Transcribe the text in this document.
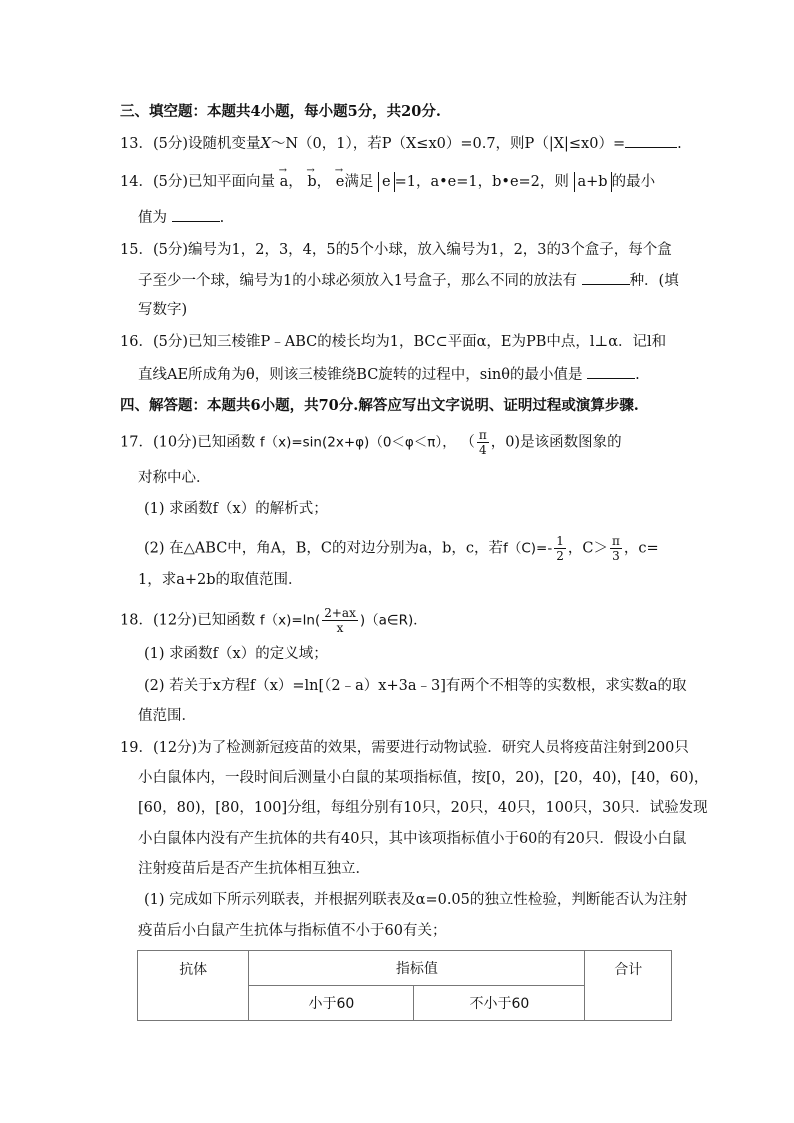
三、填空题：本题共4小题，每小题5分，共20分.
13．(5分)设随机变量X～N（0，1），若P（X≤x0）=0.7，则P（|X|≤x0）=	.
14．(5分)已知平面向量 → a， → b， → e满足 e =1，a•e=1，b•e=2，则 a+b 的最小
值为	.
15．(5分)编号为1，2，3，4，5的5个小球，放入编号为1，2，3的3个盒子，每个盒
子至少一个球，编号为1的小球必须放入1号盒子，那么不同的放法有	种．(填
写数字)
16．(5分)已知三棱锥P﹣ABC的棱长均为1，BC⊂平面α，E为PB中点，l⊥α．记l和
直线AE所成角为θ，则该三棱锥绕BC旋转的过程中，sinθ的最小值是	.
四、解答题：本题共6小题，共70分.解答应写出文字说明、证明过程或演算步骤.
17．(10分)已知函数 f（x)=sin(2x+φ)（0＜φ＜π）， （ $\frac{\pi}{4}$ ，0)是该函数图象的
对称中心．
(1) 求函数f（x）的解析式；
(2) 在△ABC中，角A，B，C的对边分别为a，b，c，若$f(C)=- \frac{1}{2}$ ，$C> \frac{\pi}{3}$ ，c=
1，求a+2b的取值范围．
18．(12分)已知函数 $f(x)=\ln( \frac{2+ax}{x}$ )（a∈R)．
(1) 求函数f（x）的定义域；
(2) 若关于x方程f（x）=ln[（2﹣a）x+3a﹣3]有两个不相等的实数根，求实数a的取
值范围．
19．(12分)为了检测新冠疫苗的效果，需要进行动物试验．研究人员将疫苗注射到200只
小白鼠体内，一段时间后测量小白鼠的某项指标值，按[0，20)，[20，40)，[40，60)，
[60，80)，[80，100]分组，每组分别有10只，20只，40只，100只，30只．试验发现
小白鼠体内没有产生抗体的共有40只，其中该项指标值小于60的有20只．假设小白鼠
注射疫苗后是否产生抗体相互独立．
(1) 完成如下所示列联表，并根据列联表及α=0.05的独立性检验，判断能否认为注射
疫苗后小白鼠产生抗体与指标值不小于60有关；
抗体	指标值		合计
	小于60	不小于60	
